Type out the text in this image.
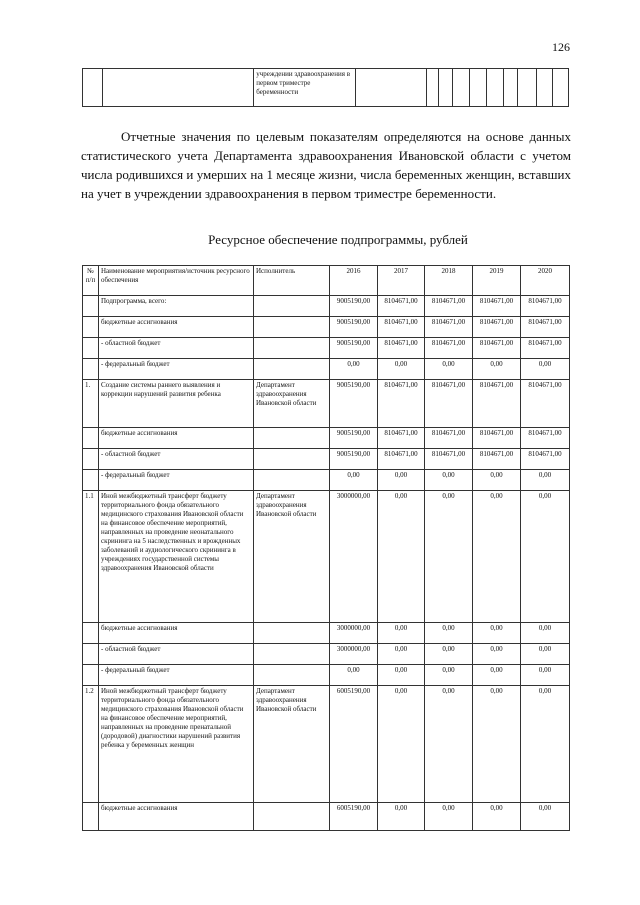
126
		учреждении здравоохранения в первом триместре беременности										
Отчетные значения по целевым показателям определяются на основе данных статистического учета Департамента здравоохранения Ивановской области с учетом числа родившихся и умерших на 1 месяце жизни, числа беременных женщин, вставших на учет в учреждении здравоохранения в первом триместре беременности.
Ресурсное обеспечение подпрограммы, рублей
№ п/п	Наименование мероприятия/источник ресурсного обеспечения	Исполнитель	2016	2017	2018	2019	2020
	Подпрограмма, всего:		9005190,00	8104671,00	8104671,00	8104671,00	8104671,00
	бюджетные ассигнования		9005190,00	8104671,00	8104671,00	8104671,00	8104671,00
	- областной бюджет		9005190,00	8104671,00	8104671,00	8104671,00	8104671,00
	- федеральный бюджет		0,00	0,00	0,00	0,00	0,00
1.	Создание системы раннего выявления и коррекции нарушений развития ребенка	Департамент здравоохранения Ивановской области	9005190,00	8104671,00	8104671,00	8104671,00	8104671,00
	бюджетные ассигнования		9005190,00	8104671,00	8104671,00	8104671,00	8104671,00
	- областной бюджет		9005190,00	8104671,00	8104671,00	8104671,00	8104671,00
	- федеральный бюджет		0,00	0,00	0,00	0,00	0,00
1.1	Иной межбюджетный трансферт бюджету территориального фонда обязательного медицинского страхования Ивановской области на финансовое обеспечение мероприятий, направленных на проведение неонатального скрининга на 5 наследственных и врожденных заболеваний и аудиологического скрининга в учреждениях государственной системы здравоохранения Ивановской области	Департамент здравоохранения Ивановской области	3000000,00	0,00	0,00	0,00	0,00
	бюджетные ассигнования		3000000,00	0,00	0,00	0,00	0,00
	- областной бюджет		3000000,00	0,00	0,00	0,00	0,00
	- федеральный бюджет		0,00	0,00	0,00	0,00	0,00
1.2	Иной межбюджетный трансферт бюджету территориального фонда обязательного медицинского страхования Ивановской области на финансовое обеспечение мероприятий, направленных на проведение пренатальной (дородовой) диагностики нарушений развития ребенка у беременных женщин	Департамент здравоохранения Ивановской области	6005190,00	0,00	0,00	0,00	0,00
	бюджетные ассигнования		6005190,00	0,00	0,00	0,00	0,00
